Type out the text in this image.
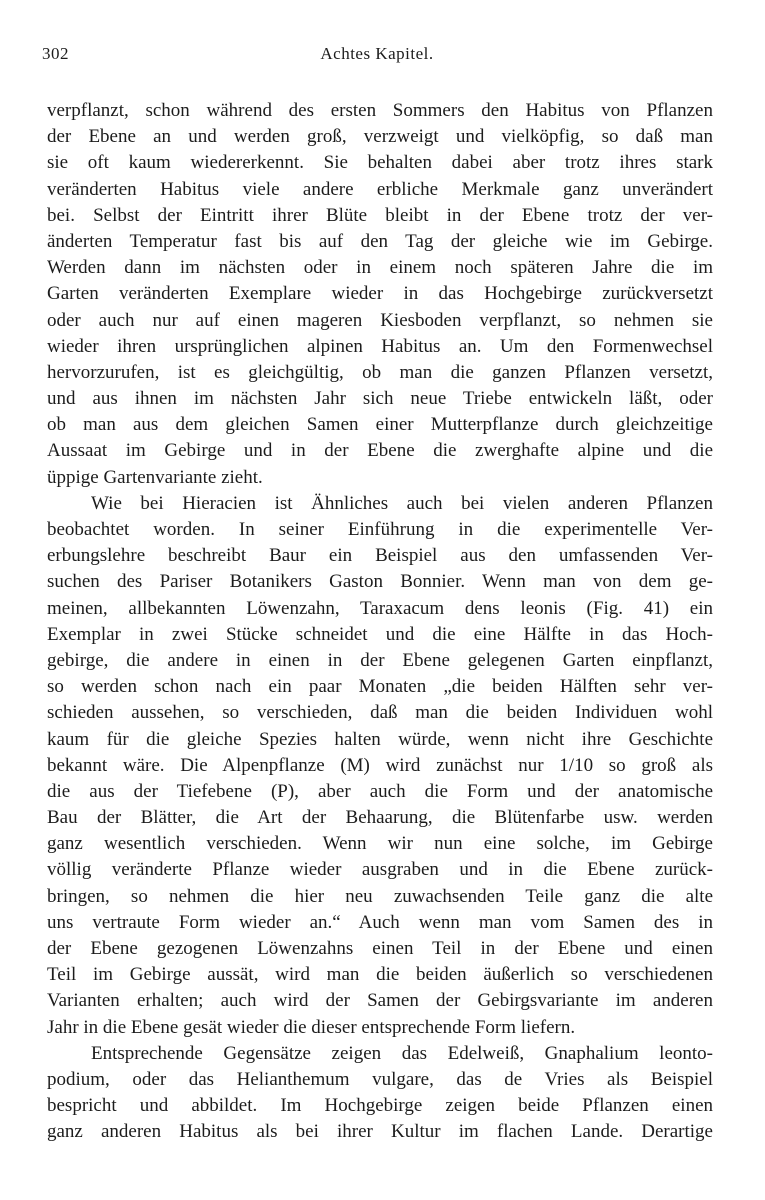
302	Achtes Kapitel.
verpflanzt, schon während des ersten Sommers den Habitus von Pflanzen
der Ebene an und werden groß, verzweigt und vielköpfig, so daß man
sie oft kaum wiedererkennt. Sie behalten dabei aber trotz ihres stark
veränderten Habitus viele andere erbliche Merkmale ganz unverändert
bei. Selbst der Eintritt ihrer Blüte bleibt in der Ebene trotz der ver-
änderten Temperatur fast bis auf den Tag der gleiche wie im Gebirge.
Werden dann im nächsten oder in einem noch späteren Jahre die im
Garten veränderten Exemplare wieder in das Hochgebirge zurückversetzt
oder auch nur auf einen mageren Kiesboden verpflanzt, so nehmen sie
wieder ihren ursprünglichen alpinen Habitus an. Um den Formenwechsel
hervorzurufen, ist es gleichgültig, ob man die ganzen Pflanzen versetzt,
und aus ihnen im nächsten Jahr sich neue Triebe entwickeln läßt, oder
ob man aus dem gleichen Samen einer Mutterpflanze durch gleichzeitige
Aussaat im Gebirge und in der Ebene die zwerghafte alpine und die
üppige Gartenvariante zieht.
Wie bei Hieracien ist Ähnliches auch bei vielen anderen Pflanzen
beobachtet worden. In seiner Einführung in die experimentelle Ver-
erbungslehre beschreibt Baur ein Beispiel aus den umfassenden Ver-
suchen des Pariser Botanikers Gaston Bonnier. Wenn man von dem ge-
meinen, allbekannten Löwenzahn, Taraxacum dens leonis (Fig. 41) ein
Exemplar in zwei Stücke schneidet und die eine Hälfte in das Hoch-
gebirge, die andere in einen in der Ebene gelegenen Garten einpflanzt,
so werden schon nach ein paar Monaten „die beiden Hälften sehr ver-
schieden aussehen, so verschieden, daß man die beiden Individuen wohl
kaum für die gleiche Spezies halten würde, wenn nicht ihre Geschichte
bekannt wäre. Die Alpenpflanze (M) wird zunächst nur 1/10 so groß als
die aus der Tiefebene (P), aber auch die Form und der anatomische
Bau der Blätter, die Art der Behaarung, die Blütenfarbe usw. werden
ganz wesentlich verschieden. Wenn wir nun eine solche, im Gebirge
völlig veränderte Pflanze wieder ausgraben und in die Ebene zurück-
bringen, so nehmen die hier neu zuwachsenden Teile ganz die alte
uns vertraute Form wieder an.“ Auch wenn man vom Samen des in
der Ebene gezogenen Löwenzahns einen Teil in der Ebene und einen
Teil im Gebirge aussät, wird man die beiden äußerlich so verschiedenen
Varianten erhalten; auch wird der Samen der Gebirgsvariante im anderen
Jahr in die Ebene gesät wieder die dieser entsprechende Form liefern.
Entsprechende Gegensätze zeigen das Edelweiß, Gnaphalium leonto-
podium, oder das Helianthemum vulgare, das de Vries als Beispiel
bespricht und abbildet. Im Hochgebirge zeigen beide Pflanzen einen
ganz anderen Habitus als bei ihrer Kultur im flachen Lande. Derartige
